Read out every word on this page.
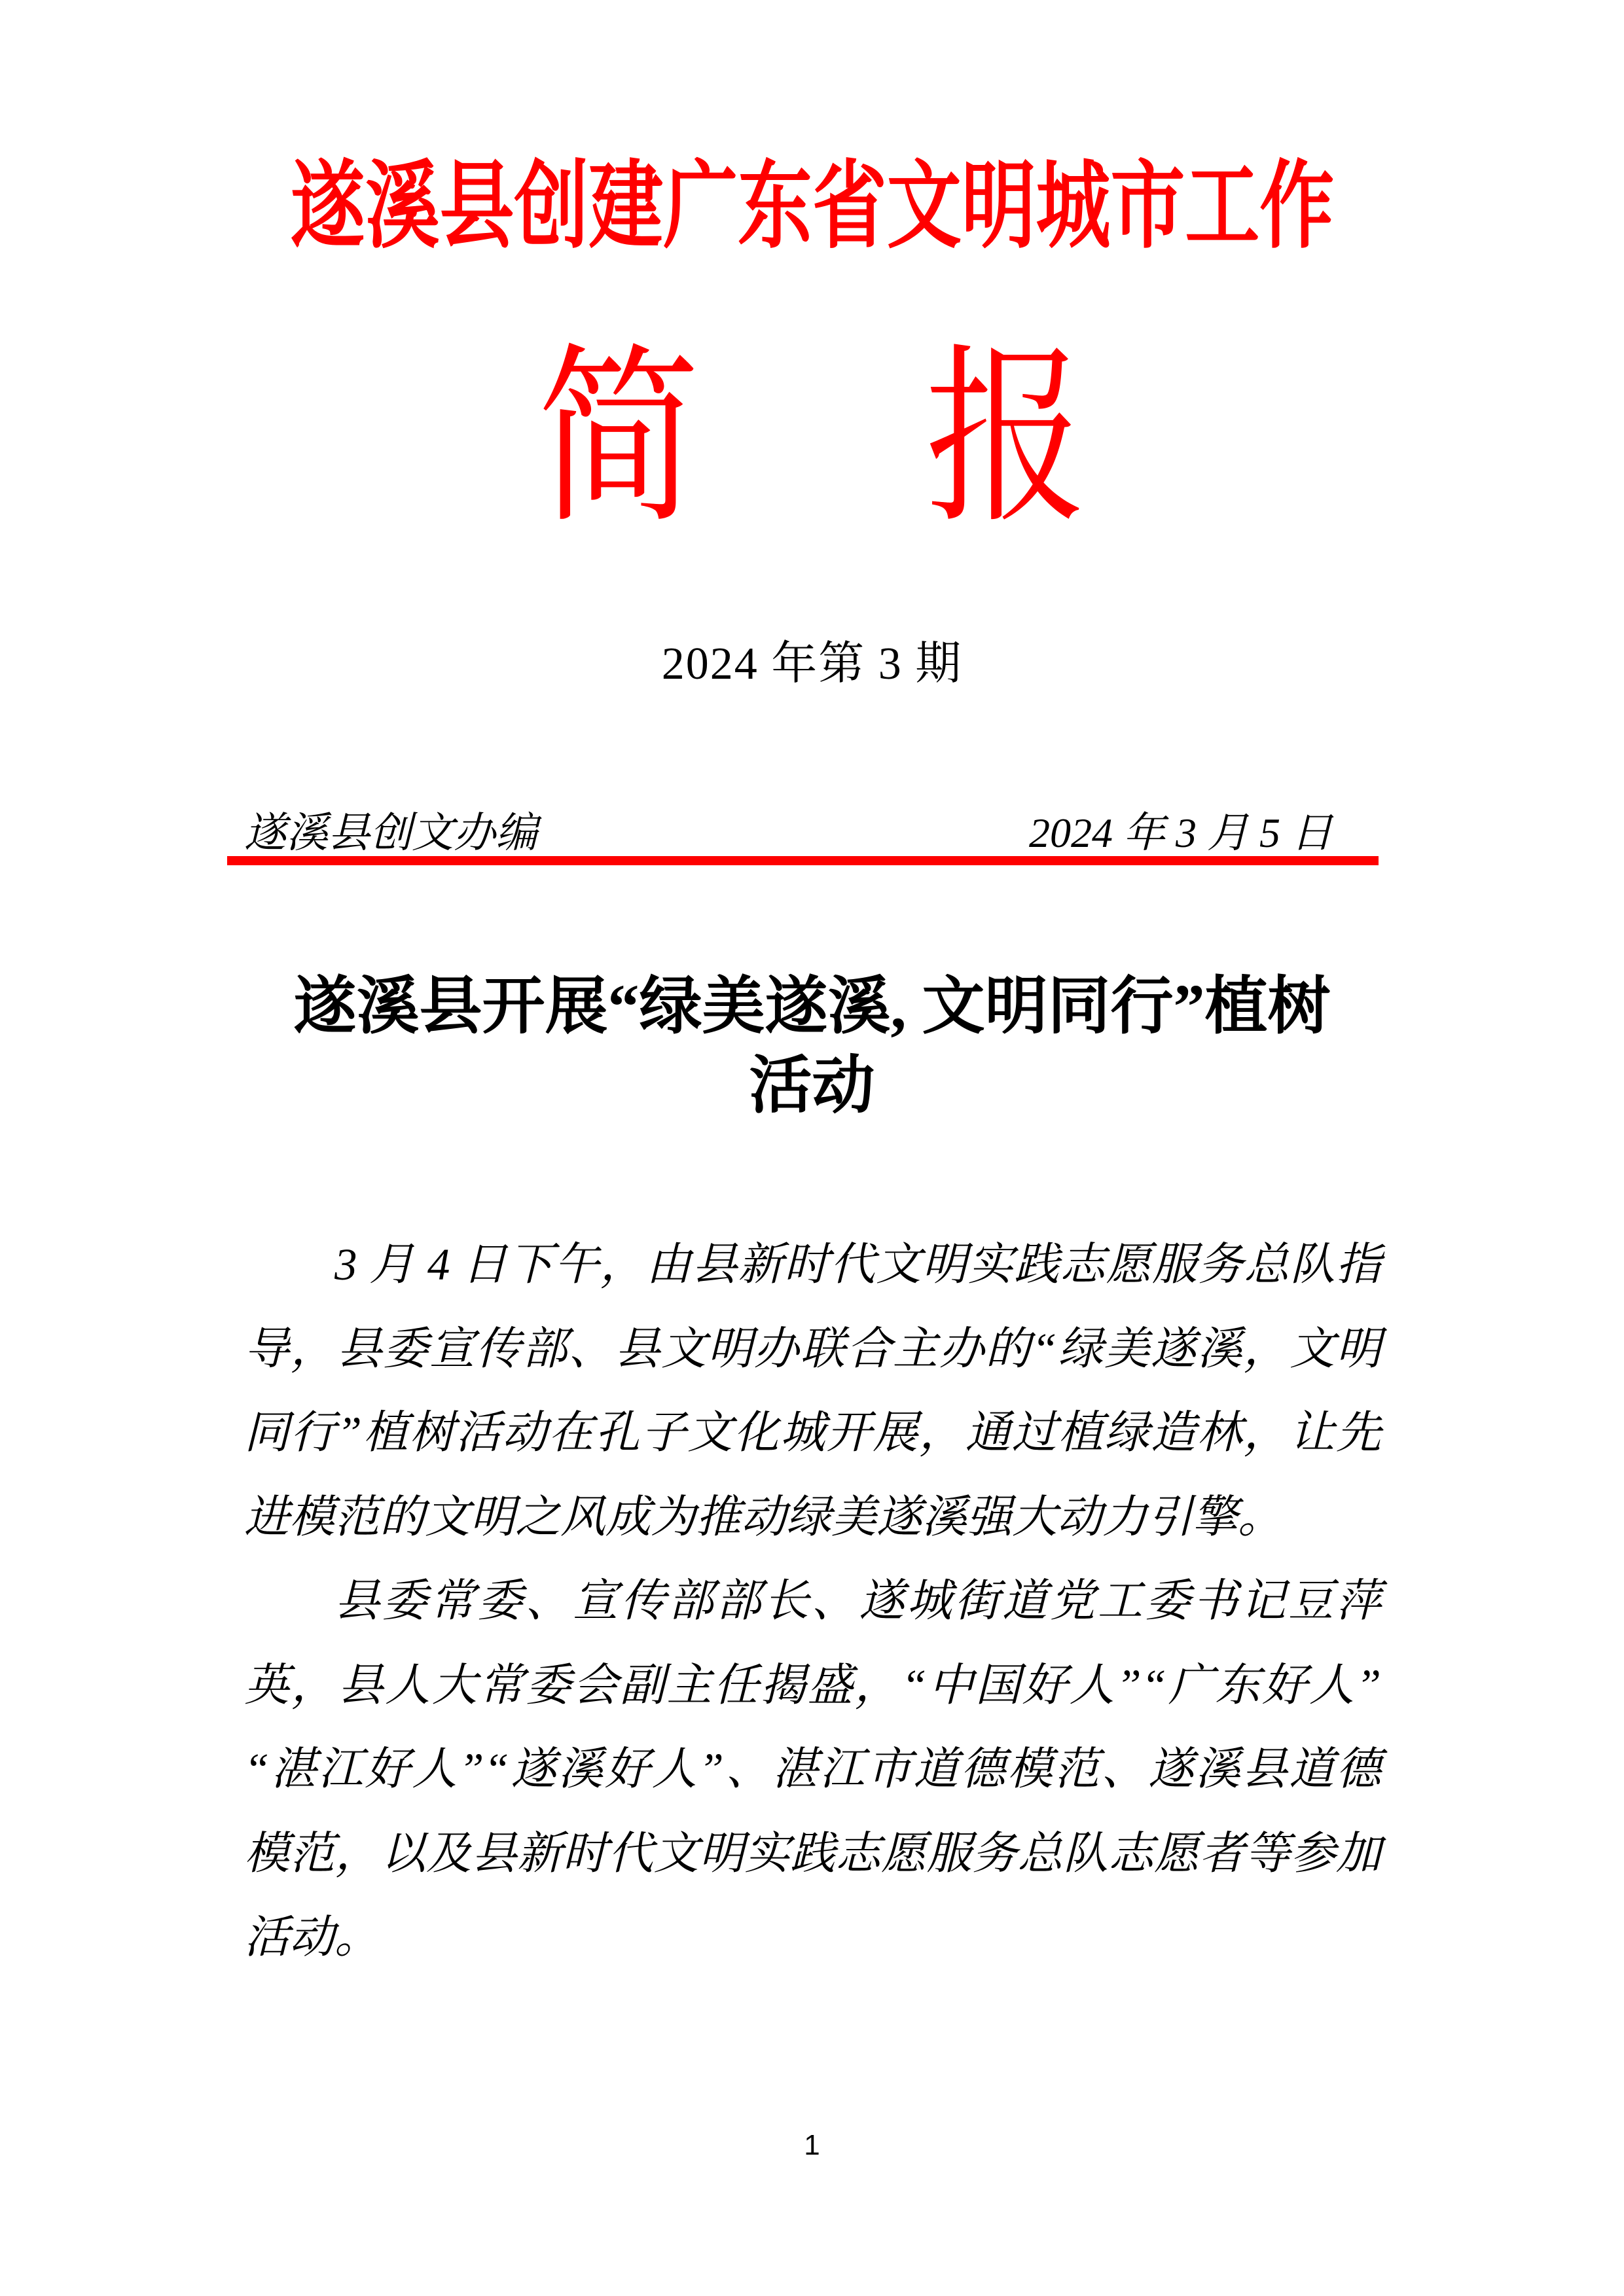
遂溪县创建广东省文明城市工作
简 报
2024 年第 3 期
遂溪县创文办编	2024 年 3 月 5 日
遂溪县开展“绿美遂溪, 文明同行”植树
活动

3 月 4 日下午，由县新时代文明实践志愿服务总队指导，县委宣传部、县文明办联合主办的“绿美遂溪，文明同行”植树活动在孔子文化城开展，通过植绿造林，让先进模范的文明之风成为推动绿美遂溪强大动力引擎。

县委常委、宣传部部长、遂城街道党工委书记豆萍英，县人大常委会副主任揭盛，“中国好人”“广东好人”“湛江好人”“遂溪好人”、湛江市道德模范、遂溪县道德模范，以及县新时代文明实践志愿服务总队志愿者等参加活动。

1
